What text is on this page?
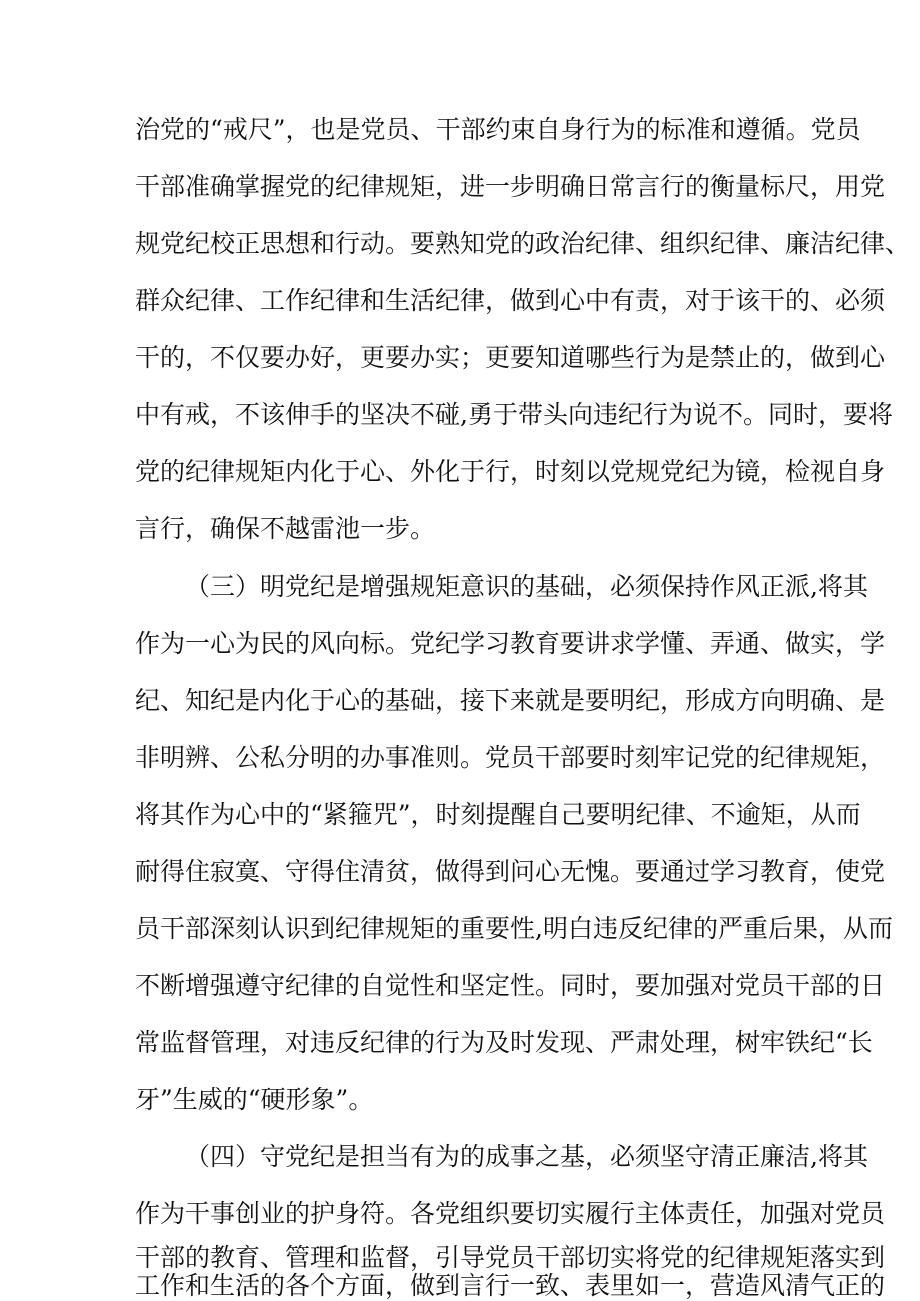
治党的“戒尺”，也是党员、干部约束自身行为的标准和遵循。党员

干部准确掌握党的纪律规矩，进一步明确日常言行的衡量标尺，用党

规党纪校正思想和行动。要熟知党的政治纪律、组织纪律、廉洁纪律、

群众纪律、工作纪律和生活纪律，做到心中有责，对于该干的、必须

干的，不仅要办好，更要办实；更要知道哪些行为是禁止的，做到心

中有戒，不该伸手的坚决不碰,勇于带头向违纪行为说不。同时，要将

党的纪律规矩内化于心、外化于行，时刻以党规党纪为镜，检视自身

言行，确保不越雷池一步。

（三）明党纪是增强规矩意识的基础，必须保持作风正派,将其

作为一心为民的风向标。党纪学习教育要讲求学懂、弄通、做实，学

纪、知纪是内化于心的基础，接下来就是要明纪，形成方向明确、是

非明辨、公私分明的办事准则。党员干部要时刻牢记党的纪律规矩，

将其作为心中的“紧箍咒”，时刻提醒自己要明纪律、不逾矩，从而

耐得住寂寞、守得住清贫，做得到问心无愧。要通过学习教育，使党

员干部深刻认识到纪律规矩的重要性,明白违反纪律的严重后果，从而

不断增强遵守纪律的自觉性和坚定性。同时，要加强对党员干部的日

常监督管理，对违反纪律的行为及时发现、严肃处理，树牢铁纪“长

牙”生威的“硬形象”。

（四）守党纪是担当有为的成事之基，必须坚守清正廉洁,将其

作为干事创业的护身符。各党组织要切实履行主体责任，加强对党员

干部的教育、管理和监督，引导党员干部切实将党的纪律规矩落实到

工作和生活的各个方面，做到言行一致、表里如一，营造风清气正的
